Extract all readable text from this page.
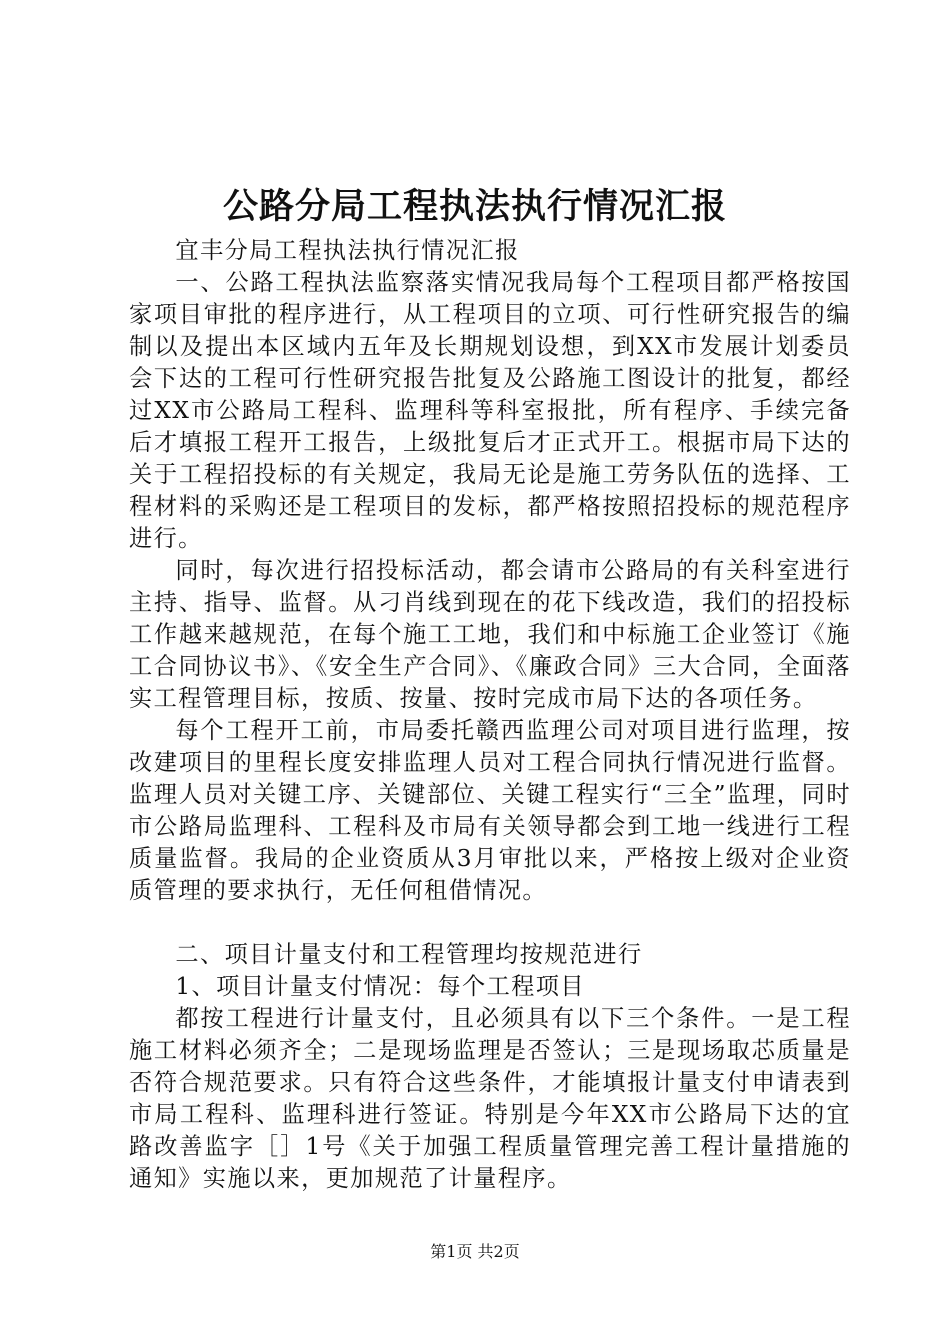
公路分局工程执法执行情况汇报

宜丰分局工程执法执行情况汇报

一、公路工程执法监察落实情况我局每个工程项目都严格按国家项目审批的程序进行，从工程项目的立项、可行性研究报告的编制以及提出本区域内五年及长期规划设想，到XX市发展计划委员会下达的工程可行性研究报告批复及公路施工图设计的批复，都经过XX市公路局工程科、监理科等科室报批，所有程序、手续完备后才填报工程开工报告，上级批复后才正式开工。根据市局下达的关于工程招投标的有关规定，我局无论是施工劳务队伍的选择、工程材料的采购还是工程项目的发标，都严格按照招投标的规范程序进行。

同时，每次进行招投标活动，都会请市公路局的有关科室进行主持、指导、监督。从刁肖线到现在的花下线改造，我们的招投标工作越来越规范，在每个施工工地，我们和中标施工企业签订《施工合同协议书》、《安全生产合同》、《廉政合同》三大合同，全面落实工程管理目标，按质、按量、按时完成市局下达的各项任务。

每个工程开工前，市局委托赣西监理公司对项目进行监理，按改建项目的里程长度安排监理人员对工程合同执行情况进行监督。监理人员对关键工序、关键部位、关键工程实行“三全”监理，同时市公路局监理科、工程科及市局有关领导都会到工地一线进行工程质量监督。我局的企业资质从3月审批以来，严格按上级对企业资质管理的要求执行，无任何租借情况。

二、项目计量支付和工程管理均按规范进行

1、项目计量支付情况：每个工程项目

都按工程进行计量支付，且必须具有以下三个条件。一是工程施工材料必须齐全；二是现场监理是否签认；三是现场取芯质量是否符合规范要求。只有符合这些条件，才能填报计量支付申请表到市局工程科、监理科进行签证。特别是今年XX市公路局下达的宜路改善监字［］1号《关于加强工程质量管理完善工程计量措施的通知》实施以来，更加规范了计量程序。

第1页 共2页
